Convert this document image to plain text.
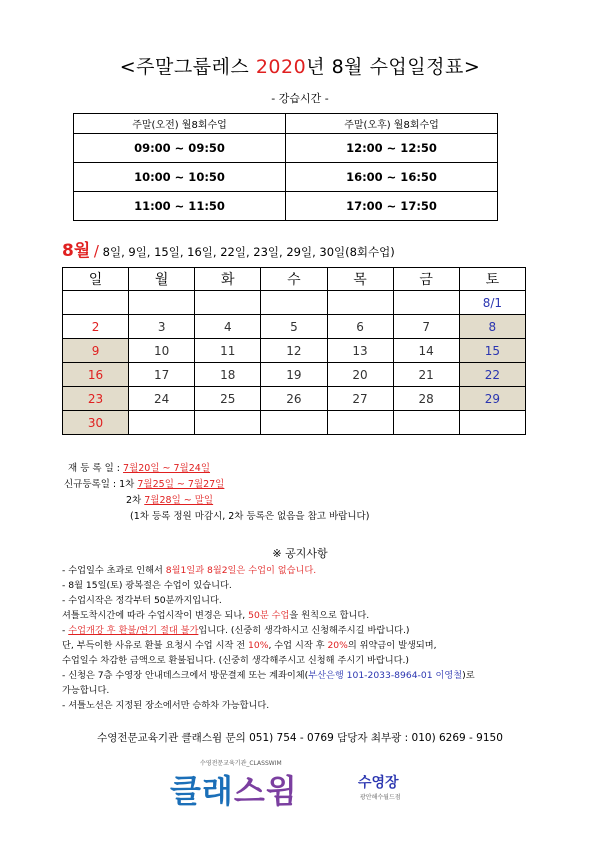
<주말그룹레스 2020년 8월 수업일정표>
- 강습시간 -
주말(오전) 월8회수업	주말(오후) 월8회수업
09:00 ~ 09:50	12:00 ~ 12:50
10:00 ~ 10:50	16:00 ~ 16:50
11:00 ~ 11:50	17:00 ~ 17:50
8월 / 8일, 9일, 15일, 16일, 22일, 23일, 29일, 30일(8회수업)
일	월	화	수	목	금	토
						8/1
2	3	4	5	6	7	8
9	10	11	12	13	14	15
16	17	18	19	20	21	22
23	24	25	26	27	28	29
30						
재 등 록 일 : 7월20일 ~ 7월24일
신규등록일 : 1차 7월25일 ~ 7월27일
2차 7월28일 ~ 말일
(1차 등록 정원 마감시, 2차 등록은 없음을 참고 바랍니다)
※ 공지사항
- 수업일수 초과로 인해서 8월1일과 8월2일은 수업이 없습니다.
- 8월 15일(토) 광복절은 수업이 있습니다.
- 수업시작은 정각부터 50분까지입니다.
셔틀도착시간에 따라 수업시작이 변경은 되나, 50분 수업을 원칙으로 합니다.
- 수업개강 후 환불/연기 절대 불가입니다. (신중히 생각하시고 신청해주시길 바랍니다.)
단, 부득이한 사유로 환불 요청시 수업 시작 전 10%, 수업 시작 후 20%의 위약금이 발생되며,
수업일수 차감한 금액으로 환불됩니다. (신중히 생각해주시고 신청해 주시기 바랍니다.)
- 신청은 7층 수영장 안내데스크에서 방문결제 또는 계좌이체(부산은행 101-2033-8964-01 이영철)로
가능합니다.
- 셔틀노선은 지정된 장소에서만 승하차 가능합니다.
수영전문교육기관 클래스윔 문의 051) 754 - 0769 담당자 최부광 : 010) 6269 - 9150
수영전문교육기관_CLASSWIM
클래스윔	수영장
광안해수월드점
